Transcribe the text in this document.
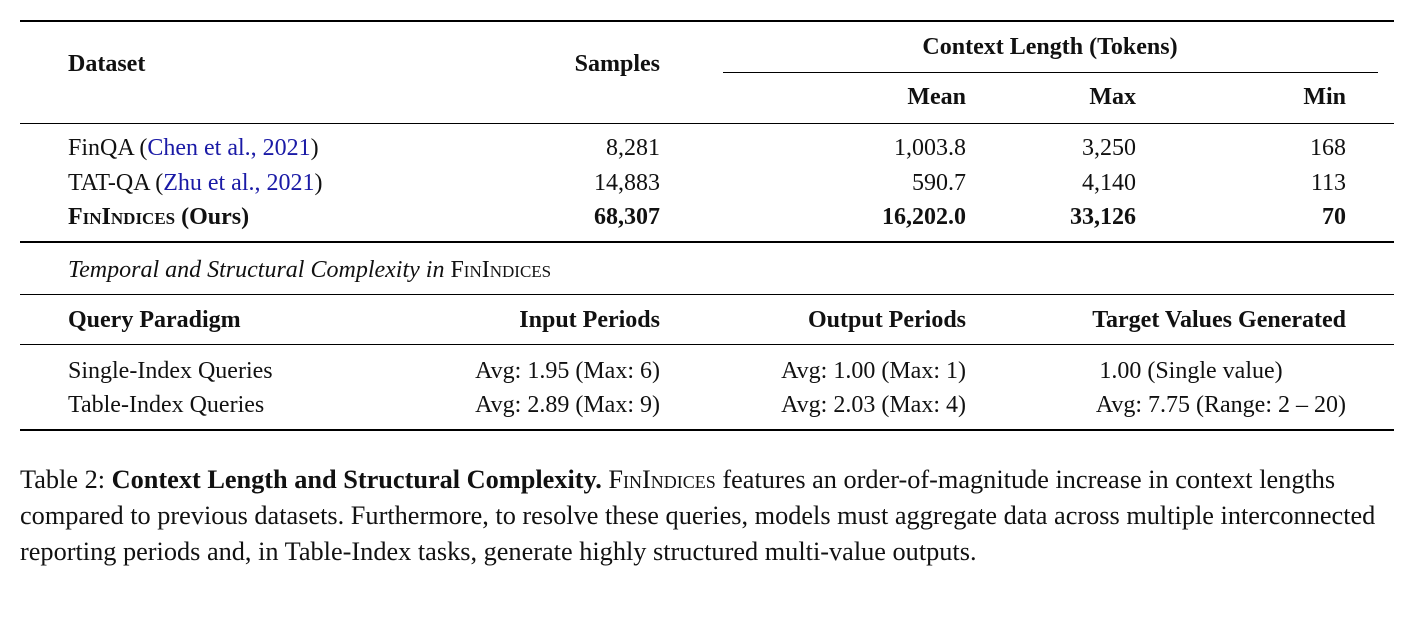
Dataset	Samples
Context Length (Tokens)
Mean	Max	Min
FinQA (Chen et al., 2021)	8,281	1,003.8	3,250	168
TAT-QA (Zhu et al., 2021)	14,883	590.7	4,140	113
FinIndices (Ours)	68,307	16,202.0	33,126	70
Temporal and Structural Complexity in FinIndices
Query Paradigm	Input Periods	Output Periods	Target Values Generated
Single-Index Queries	Avg: 1.95 (Max: 6)	Avg: 1.00 (Max: 1)	1.00 (Single value)
Table-Index Queries	Avg: 2.89 (Max: 9)	Avg: 2.03 (Max: 4)	Avg: 7.75 (Range: 2 – 20)
Table 2: Context Length and Structural Complexity. FinIndices features an order-of-magnitude increase in context lengths compared to previous datasets. Furthermore, to resolve these queries, models must aggregate data across multiple interconnected reporting periods and, in Table-Index tasks, generate highly structured multi-value outputs.
